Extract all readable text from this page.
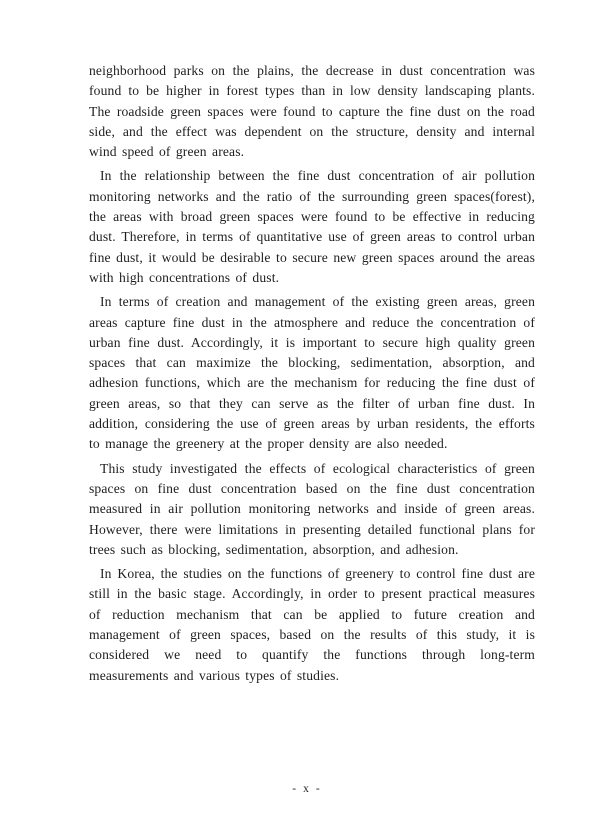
neighborhood parks on the plains, the decrease in dust concentration was found to be higher in forest types than in low density landscaping plants. The roadside green spaces were found to capture the fine dust on the road side, and the effect was dependent on the structure, density and internal wind speed of green areas.

In the relationship between the fine dust concentration of air pollution monitoring networks and the ratio of the surrounding green spaces(forest), the areas with broad green spaces were found to be effective in reducing dust. Therefore, in terms of quantitative use of green areas to control urban fine dust, it would be desirable to secure new green spaces around the areas with high concentrations of dust.

In terms of creation and management of the existing green areas, green areas capture fine dust in the atmosphere and reduce the concentration of urban fine dust. Accordingly, it is important to secure high quality green spaces that can maximize the blocking, sedimentation, absorption, and adhesion functions, which are the mechanism for reducing the fine dust of green areas, so that they can serve as the filter of urban fine dust. In addition, considering the use of green areas by urban residents, the efforts to manage the greenery at the proper density are also needed.

This study investigated the effects of ecological characteristics of green spaces on fine dust concentration based on the fine dust concentration measured in air pollution monitoring networks and inside of green areas. However, there were limitations in presenting detailed functional plans for trees such as blocking, sedimentation, absorption, and adhesion.

In Korea, the studies on the functions of greenery to control fine dust are still in the basic stage. Accordingly, in order to present practical measures of reduction mechanism that can be applied to future creation and management of green spaces, based on the results of this study, it is considered we need to quantify the functions through long-term measurements and various types of studies.

- x -
